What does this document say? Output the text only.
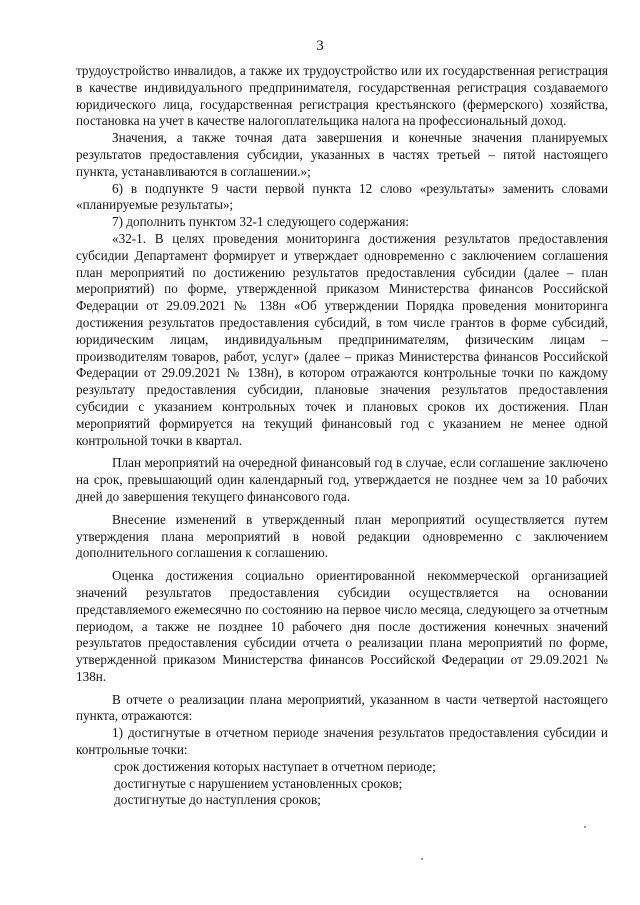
3

трудоустройство инвалидов, а также их трудоустройство или их государственная регистрация в качестве индивидуального предпринимателя, государственная регистрация создаваемого юридического лица, государственная регистрация крестьянского (фермерского) хозяйства, постановка на учет в качестве налогоплательщика налога на профессиональный доход.

Значения, а также точная дата завершения и конечные значения планируемых результатов предоставления субсидии, указанных в частях третьей – пятой настоящего пункта, устанавливаются в соглашении.»;

6) в подпункте 9 части первой пункта 12 слово «результаты» заменить словами «планируемые результаты»;

7) дополнить пунктом 32-1 следующего содержания:

«32-1. В целях проведения мониторинга достижения результатов предоставления субсидии Департамент формирует и утверждает одновременно с заключением соглашения план мероприятий по достижению результатов предоставления субсидии (далее – план мероприятий) по форме, утвержденной приказом Министерства финансов Российской Федерации от 29.09.2021 № 138н «Об утверждении Порядка проведения мониторинга достижения результатов предоставления субсидий, в том числе грантов в форме субсидий, юридическим лицам, индивидуальным предпринимателям, физическим лицам – производителям товаров, работ, услуг» (далее – приказ Министерства финансов Российской Федерации от 29.09.2021 № 138н), в котором отражаются контрольные точки по каждому результату предоставления субсидии, плановые значения результатов предоставления субсидии с указанием контрольных точек и плановых сроков их достижения. План мероприятий формируется на текущий финансовый год с указанием не менее одной контрольной точки в квартал.

План мероприятий на очередной финансовый год в случае, если соглашение заключено на срок, превышающий один календарный год, утверждается не позднее чем за 10 рабочих дней до завершения текущего финансового года.

Внесение изменений в утвержденный план мероприятий осуществляется путем утверждения плана мероприятий в новой редакции одновременно с заключением дополнительного соглашения к соглашению.

Оценка достижения социально ориентированной некоммерческой организацией значений результатов предоставления субсидии осуществляется на основании представляемого ежемесячно по состоянию на первое число месяца, следующего за отчетным периодом, а также не позднее 10 рабочего дня после достижения конечных значений результатов предоставления субсидии отчета о реализации плана мероприятий по форме, утвержденной приказом Министерства финансов Российской Федерации от 29.09.2021 № 138н.

В отчете о реализации плана мероприятий, указанном в части четвертой настоящего пункта, отражаются:

1) достигнутые в отчетном периоде значения результатов предоставления субсидии и контрольные точки:

срок достижения которых наступает в отчетном периоде;

достигнутые с нарушением установленных сроков;

достигнутые до наступления сроков;
